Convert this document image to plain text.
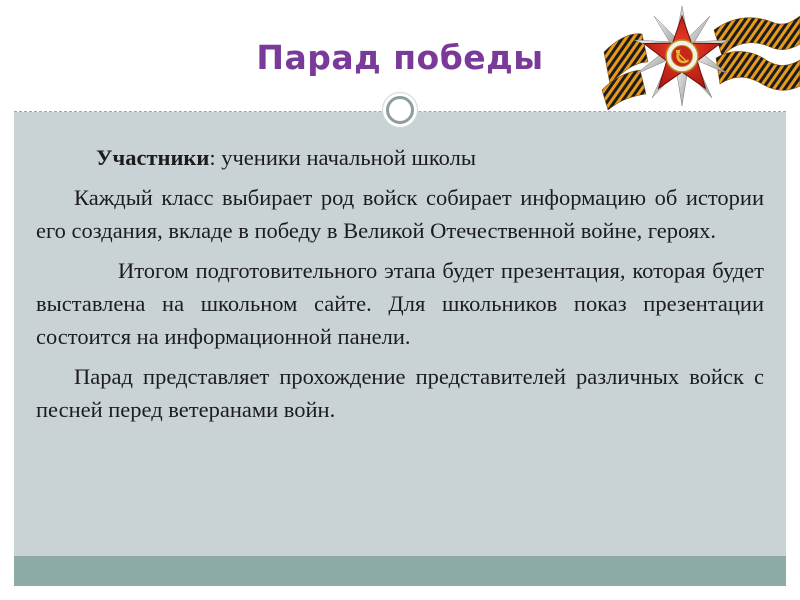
Парад победы

Участники: ученики начальной школы

Каждый класс выбирает род войск собирает информацию об истории его создания, вкладе в победу в Великой Отечественной войне, героях.

Итогом подготовительного этапа будет презентация, которая будет выставлена на школьном сайте. Для школьников показ презентации состоится на информационной панели.

Парад представляет прохождение представителей различных войск с песней перед ветеранами войн.
